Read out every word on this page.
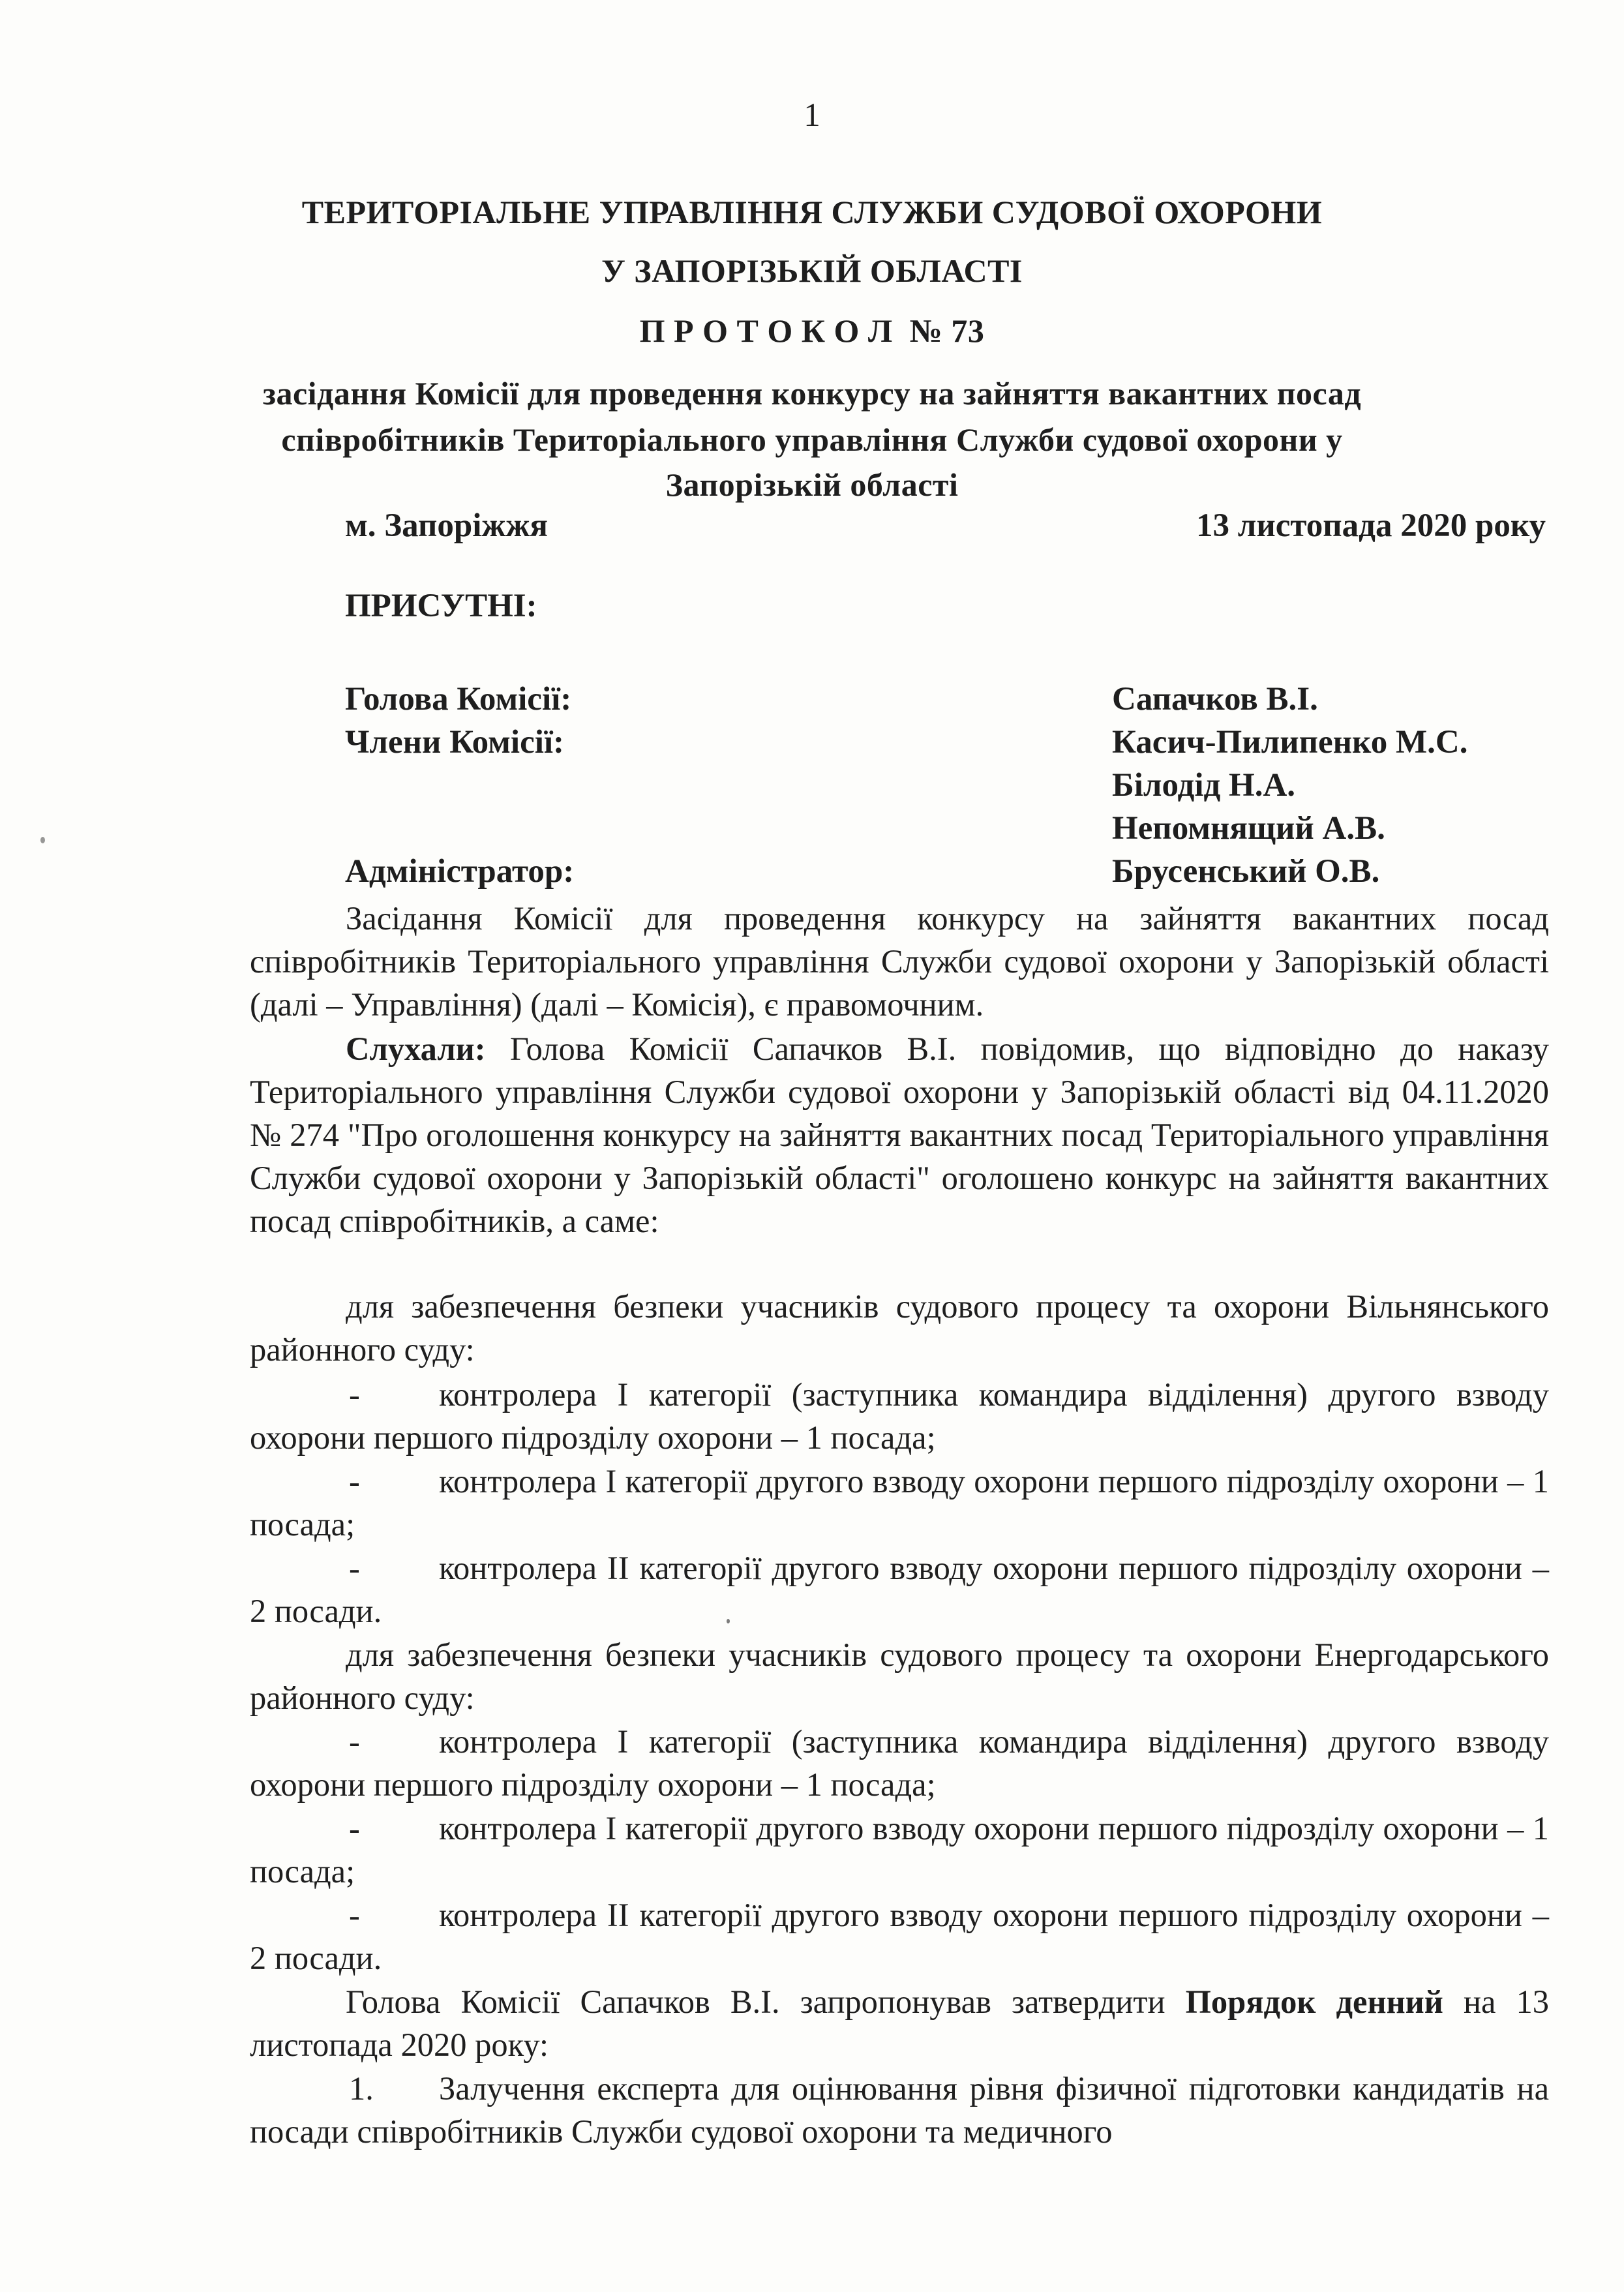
1
ТЕРИТОРІАЛЬНЕ УПРАВЛІННЯ СЛУЖБИ СУДОВОЇ ОХОРОНИ
У ЗАПОРІЗЬКІЙ ОБЛАСТІ
П Р О Т О К О Л  № 73
засідання Комісії для проведення конкурсу на зайняття вакантних посад
співробітників Територіального управління Служби судової охорони у
Запорізькій області
м. Запоріжжя	13 листопада 2020 року
ПРИСУТНІ:
Голова Комісії:	Сапачков В.І.
Члени Комісії:	Касич-Пилипенко М.С.
Білодід Н.А.
Непомнящий А.В.
Адміністратор:	Брусенський О.В.
Засідання Комісії для проведення конкурсу на зайняття вакантних посад співробітників Територіального управління Служби судової охорони у Запорізькій області (далі – Управління) (далі – Комісія), є правомочним.
Слухали: Голова Комісії Сапачков В.І. повідомив, що відповідно до наказу Територіального управління Служби судової охорони у Запорізькій області від 04.11.2020 № 274 "Про оголошення конкурсу на зайняття вакантних посад Територіального управління Служби судової охорони у Запорізькій області" оголошено конкурс на зайняття вакантних посад співробітників, а саме:
для забезпечення безпеки учасників судового процесу та охорони Вільнянського районного суду:
-	контролера І категорії (заступника командира відділення) другого взводу охорони першого підрозділу охорони – 1 посада;
-	контролера І категорії другого взводу охорони першого підрозділу охорони – 1 посада;
-	контролера ІІ категорії другого взводу охорони першого підрозділу охорони – 2 посади.
для забезпечення безпеки учасників судового процесу та охорони Енергодарського районного суду:
-	контролера І категорії (заступника командира відділення) другого взводу охорони першого підрозділу охорони – 1 посада;
-	контролера І категорії другого взводу охорони першого підрозділу охорони – 1 посада;
-	контролера ІІ категорії другого взводу охорони першого підрозділу охорони – 2 посади.
Голова Комісії Сапачков В.І. запропонував затвердити Порядок денний на 13 листопада 2020 року:
1.	Залучення експерта для оцінювання рівня фізичної підготовки кандидатів на посади співробітників Служби судової охорони та медичного
